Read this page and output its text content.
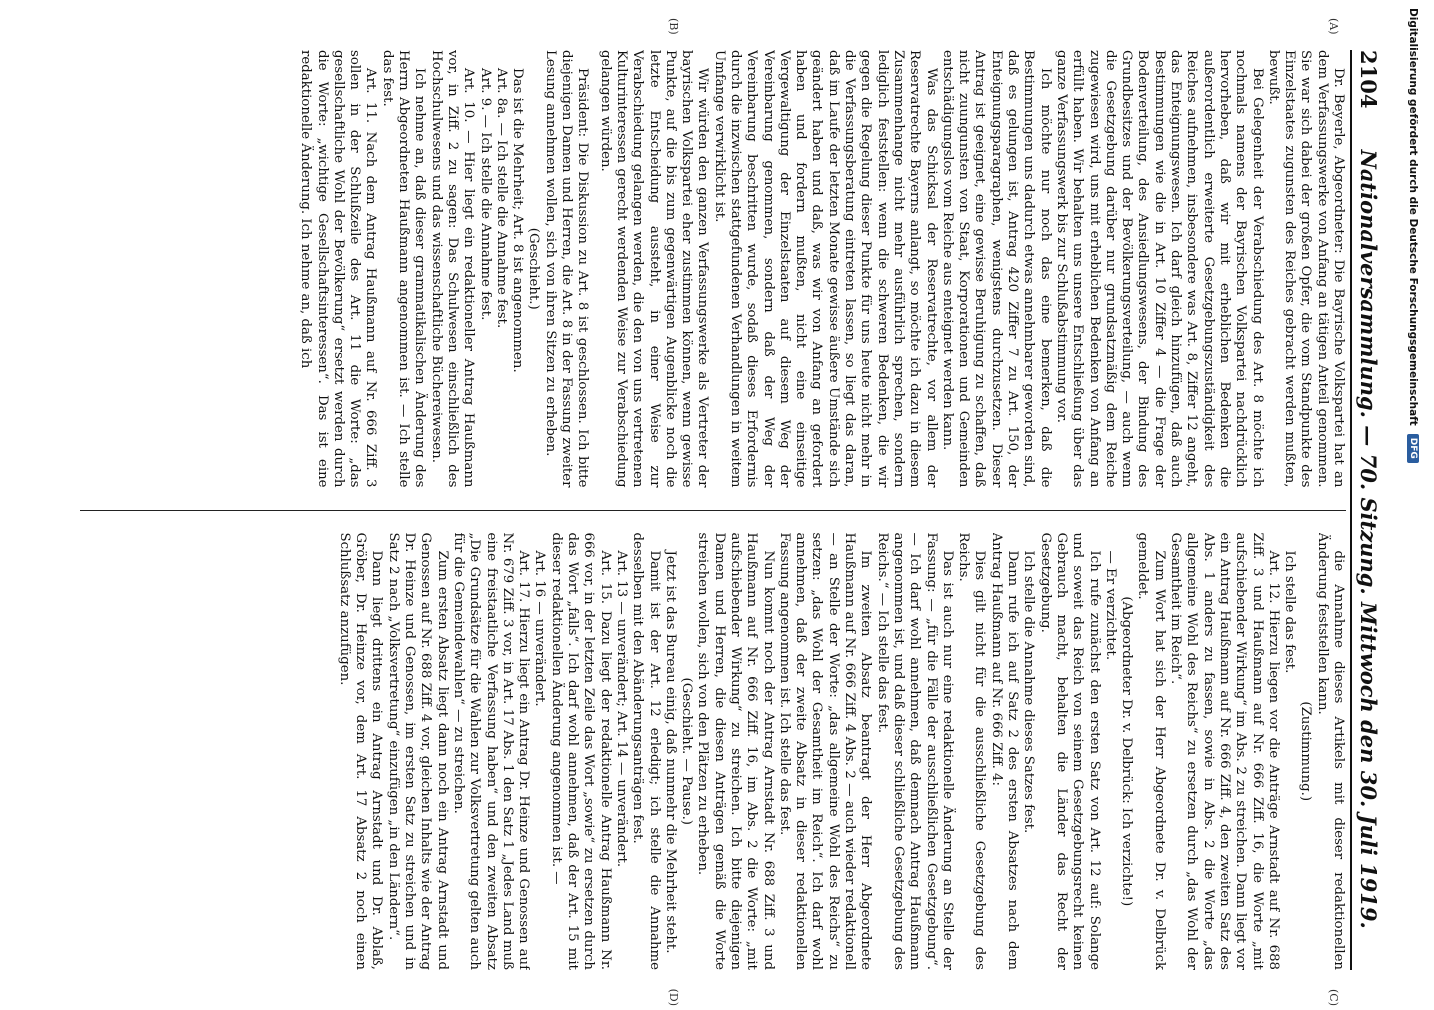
2104
Nationalversammlung. — 70. Sitzung. Mittwoch den 30. Juli 1919.
(A)
(B)
(C)
(D)

Dr. Beyerle, Abgeordneter: Die Bayrische Volkspartei hat an dem Verfassungswerke von Anfang an tätigen Anteil genommen. Sie war sich dabei der großen Opfer, die vom Standpunkte des Einzelstaates zugunsten des Reiches gebracht werden mußten, bewußt.

Bei Gelegenheit der Verabschiedung des Art. 8 möchte ich nochmals namens der Bayrischen Volkspartei nachdrücklich hervorheben, daß wir mit erheblichen Bedenken die außerordentlich erweiterte Gesetzgebungszuständigkeit des Reiches aufnehmen, insbesondere was Art. 8, Ziffer 12 angeht, das Enteignungswesen. Ich darf gleich hinzufügen, daß auch Bestimmungen wie die in Art. 10 Ziffer 4 — die Frage der Bodenverteilung, des Ansiedlungswesens, der Bindung des Grundbesitzes und der Bevölkerungsverteilung, — auch wenn die Gesetzgebung darüber nur grundsatzmäßig dem Reiche zugewiesen wird, uns mit erheblichen Bedenken von Anfang an erfüllt haben. Wir behalten uns unsere Entschließung über das ganze Verfassungswerk bis zur Schlußabstimmung vor.

Ich möchte nur noch das eine bemerken, daß die Bestimmungen uns dadurch etwas annehmbarer geworden sind, daß es gelungen ist, Antrag 420 Ziffer 7 zu Art. 150, der Enteignungsparagraphen, wenigstens durchzusetzen. Dieser Antrag ist geeignet, eine gewisse Beruhigung zu schaffen, daß nicht zuungunsten von Staat, Korporationen und Gemeinden entschädigungslos vom Reiche aus enteignet werden kann.

Was das Schicksal der Reservatrechte, vor allem der Reservatrechte Bayerns anlangt, so möchte ich dazu in diesem Zusammenhange nicht mehr ausführlich sprechen, sondern lediglich feststellen: wenn die schweren Bedenken, die wir gegen die Regelung dieser Punkte für uns heute nicht mehr in die Verfassungsberatung eintreten lassen, so liegt das daran, daß im Laufe der letzten Monate gewisse äußere Umstände sich geändert haben und daß, was wir von Anfang an gefordert haben und fordern mußten, nicht eine einseitige Vergewaltigung der Einzelstaaten auf diesem Weg der Vereinbarung genommen, sondern daß der Weg der Vereinbarung beschritten wurde, sodaß dieses Erfordernis durch die inzwischen stattgefundenen Verhandlungen in weitem Umfange verwirklicht ist.

Wir würden den ganzen Verfassungswerke als Vertreter der bayrischen Volkspartei eher zustimmen können, wenn gewisse Punkte, auf die bis zum gegenwärtigen Augenblicke noch die letzte Entscheidung aussteht, in einer Weise zur Verabschiedung gelangen werden, die den von uns vertretenen Kulturinteressen gerecht werdenden Weise zur Verabschiedung gelangen würden.

Präsident: Die Diskussion zu Art. 8 ist geschlossen. Ich bitte diejenigen Damen und Herren, die Art. 8 in der Fassung zweiter Lesung annehmen wollen, sich von ihren Sitzen zu erheben.

(Geschieht.)

Das ist die Mehrheit; Art. 8 ist angenommen.

Art. 8a. — Ich stelle die Annahme fest.

Art. 9. — Ich stelle die Annahme fest.

Art. 10. — Hier liegt ein redaktioneller Antrag Haußmann vor, in Ziff. 2 zu sagen: Das Schulwesen einschließlich des Hochschulwesens und das wissenschaftliche Büchereiwesen.

Ich nehme an, daß dieser grammatikalischen Änderung des Herrn Abgeordneten Haußmann angenommen ist. — Ich stelle das fest.

Art. 11. Nach dem Antrag Haußmann auf Nr. 666 Ziff. 3 sollen in der Schlußzeile des Art. 11 die Worte: „das gesellschaftliche Wohl der Bevölkerung“ ersetzt werden durch die Worte: „wichtige Gesellschaftsinteressen“. Das ist eine redaktionelle Änderung. Ich nehme an, daß ich

die Annahme dieses Artikels mit dieser redaktionellen Änderung feststellen kann.

(Zustimmung.)

Ich stelle das fest.

Art. 12. Hierzu liegen vor die Anträge Arnstadt auf Nr. 688 Ziff. 3 und Haußmann auf Nr. 666 Ziff. 16, die Worte „mit aufschiebender Wirkung“ im Abs. 2 zu streichen. Dann liegt vor ein Antrag Haußmann auf Nr. 666 Ziff. 4, den zweiten Satz des Abs. 1 anders zu fassen, sowie in Abs. 2 die Worte „das allgemeine Wohl des Reichs“ zu ersetzen durch „das Wohl der Gesamtheit im Reich“.

Zum Wort hat sich der Herr Abgeordnete Dr. v. Delbrück gemeldet.

(Abgeordneter Dr. v. Delbrück: Ich verzichte!)

— Er verzichtet.

Ich rufe zunächst den ersten Satz von Art. 12 auf: Solange und soweit das Reich von seinem Gesetzgebungsrecht keinen Gebrauch macht, behalten die Länder das Recht der Gesetzgebung.

Ich stelle die Annahme dieses Satzes fest.

Dann rufe ich auf Satz 2 des ersten Absatzes nach dem Antrag Haußmann auf Nr. 666 Ziff. 4:

Dies gilt nicht für die ausschließliche Gesetzgebung des Reichs.

Das ist auch nur eine redaktionelle Änderung an Stelle der Fassung: — „für die Fälle der ausschließlichen Gesetzgebung“. — Ich darf wohl annehmen, daß demnach Antrag Haußmann angenommen ist, und daß dieser schließliche Gesetzgebung des Reichs.“ — Ich stelle das fest.

Im zweiten Absatz beantragt der Herr Abgeordnete Haußmann auf Nr. 666 Ziff. 4 Abs. 2 — auch wieder redaktionell — an Stelle der Worte: „das allgemeine Wohl des Reichs“ zu setzen: „das Wohl der Gesamtheit im Reich“. Ich darf wohl annehmen, daß der zweite Absatz in dieser redaktionellen Fassung angenommen ist. Ich stelle das fest.

Nun kommt noch der Antrag Arnstadt Nr. 688 Ziff. 3 und Haußmann auf Nr. 666 Ziff. 16, im Abs. 2 die Worte: „mit aufschiebender Wirkung“ zu streichen. Ich bitte diejenigen Damen und Herren, die diesen Anträgen gemäß die Worte streichen wollen, sich von den Plätzen zu erheben.

(Geschieht. — Pause.)

Jetzt ist das Bureau einig, daß nunmehr die Mehrheit steht.

Damit ist der Art. 12 erledigt; ich stelle die Annahme desselben mit den Abänderungsanträgen fest.

Art. 13 — unverändert; Art. 14 — unverändert.

Art. 15. Dazu liegt der redaktionelle Antrag Haußmann Nr. 666 vor, in der letzten Zeile das Wort „sowie“ zu ersetzen durch das Wort „falls“. Ich darf wohl annehmen, daß der Art. 15 mit dieser redaktionellen Änderung angenommen ist. —

Art. 16 — unverändert.

Art. 17. Hierzu liegt ein Antrag Dr. Heinze und Genossen auf Nr. 679 Ziff. 3 vor, in Art. 17 Abs. 1 den Satz 1 „Jedes Land muß eine freistaatliche Verfassung haben“ und den zweiten Absatz „Die Grundsätze für die Wahlen zur Volksvertretung gelten auch für die Gemeindewahlen“ — zu streichen.

Zum ersten Absatz liegt dann noch ein Antrag Arnstadt und Genossen auf Nr. 688 Ziff. 4 vor, gleichen Inhalts wie der Antrag Dr. Heinze und Genossen, im ersten Satz zu streichen und in Satz 2 nach „Volksvertretung“ einzufügen „in den Ländern“.

Dann liegt drittens ein Antrag Arnstadt und Dr. Ablaß, Gröber, Dr. Heinze vor, dem Art. 17 Absatz 2 noch einen Schlußsatz anzufügen.

Digitalisierung gefördert durch die Deutsche Forschungsgemeinschaft
DFG
